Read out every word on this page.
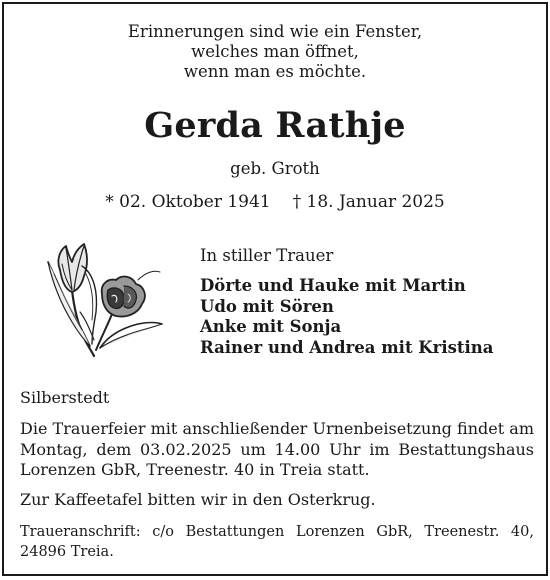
Erinnerungen sind wie ein Fenster,
welches man öffnet,
wenn man es möchte.
Gerda Rathje
geb. Groth
* 02. Oktober 1941 † 18. Januar 2025
In stiller Trauer
Dörte und Hauke mit Martin
Udo mit Sören
Anke mit Sonja
Rainer und Andrea mit Kristina
Silberstedt
Die Trauerfeier mit anschließender Urnenbeisetzung findet am
Montag, dem 03.02.2025 um 14.00 Uhr im Bestattungshaus
Lorenzen GbR, Treenestr. 40 in Treia statt.
Zur Kaffeetafel bitten wir in den Osterkrug.
Traueranschrift: c/o Bestattungen Lorenzen GbR, Treenestr. 40,
24896 Treia.
